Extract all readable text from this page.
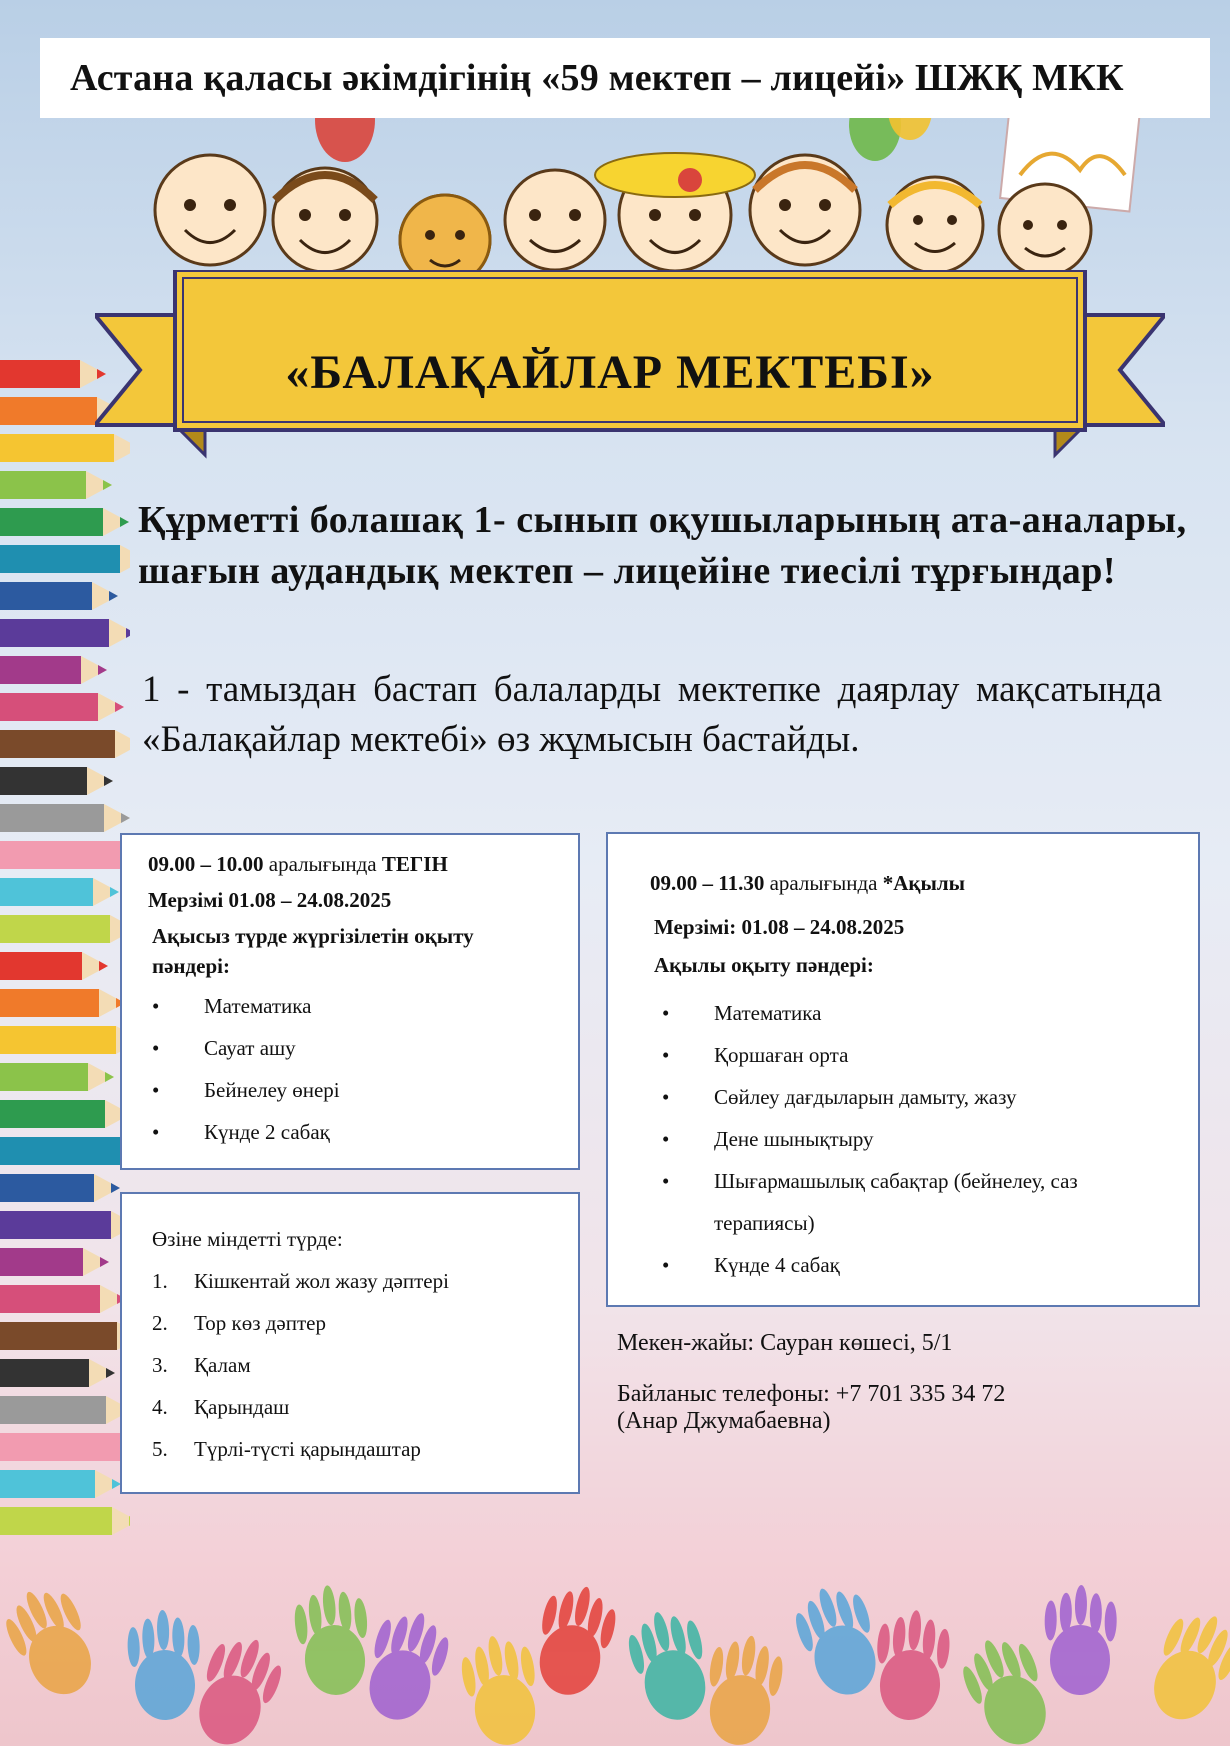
«БАЛАҚАЙЛАР МЕКТЕБІ»
Астана қаласы әкімдігінің «59 мектеп – лицейі» ШЖҚ МКК
Құрметті болашақ 1- сынып оқушыларының ата-аналары, шағын аудандық мектеп – лицейіне тиесілі тұрғындар!
1 - тамыздан бастап балаларды мектепке даярлау мақсатында «Балақайлар мектебі» өз жұмысын бастайды.
09.00 – 10.00 аралығында ТЕГІН
Мерзімі 01.08 – 24.08.2025
Ақысыз түрде жүргізілетін оқыту
пәндері:
• Математика
• Сауат ашу
• Бейнелеу өнері
• Күнде 2 сабақ
09.00 – 11.30 аралығында *Ақылы
Мерзімі: 01.08 – 24.08.2025
Ақылы оқыту пәндері:
• Математика
• Қоршаған орта
• Сөйлеу дағдыларын дамыту, жазу
• Дене шынықтыру
• Шығармашылық сабақтар (бейнелеу, саз
терапиясы)
• Күнде 4 сабақ
Өзіне міндетті түрде:
1. Кішкентай жол жазу дәптері
2. Тор көз дәптер
3. Қалам
4. Қарындаш
5. Түрлі-түсті қарындаштар
Мекен-жайы: Сауран көшесі, 5/1
Байланыс телефоны: +7 701 335 34 72
(Анар Джумабаевна)
